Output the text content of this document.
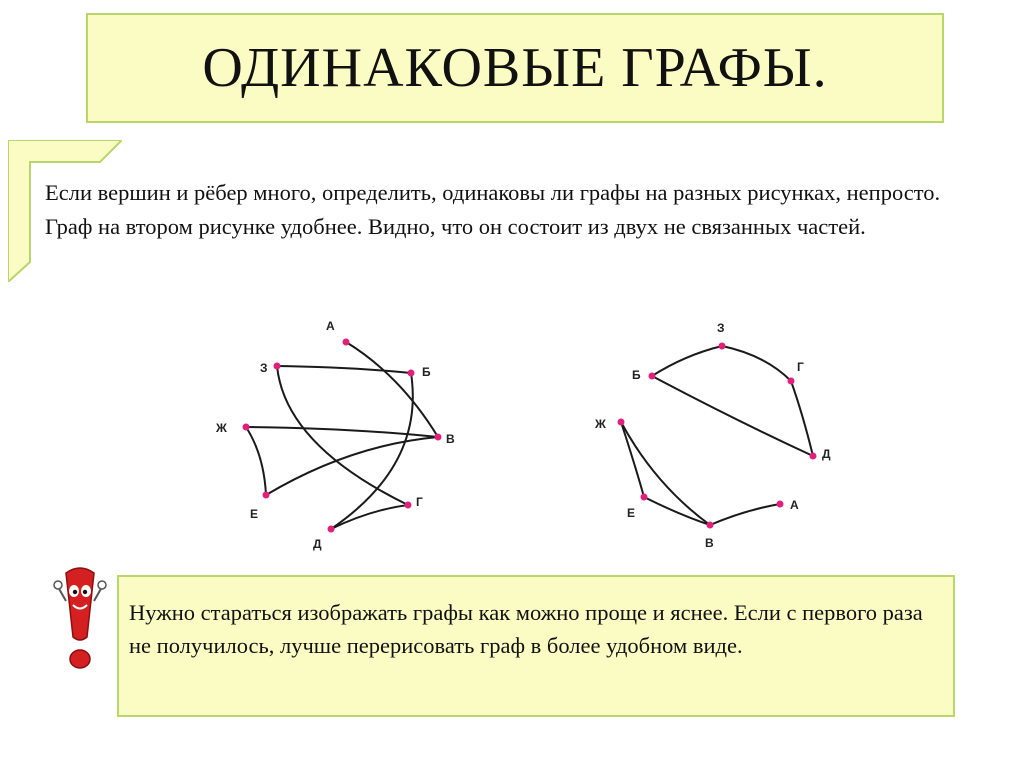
ОДИНАКОВЫЕ ГРАФЫ.

Если вершин и рёбер много, определить, одинаковы ли графы на разных рисунках, непросто.

Граф на втором рисунке удобнее. Видно, что он состоит из двух не связанных частей.

А
З	Б
Ж
В
Е
Г
Д
З
Б
Г
Д
Ж
Е
В
А

Нужно стараться изображать графы как можно проще и яснее. Если с первого раза не получилось, лучше перерисовать граф в более удобном виде.
